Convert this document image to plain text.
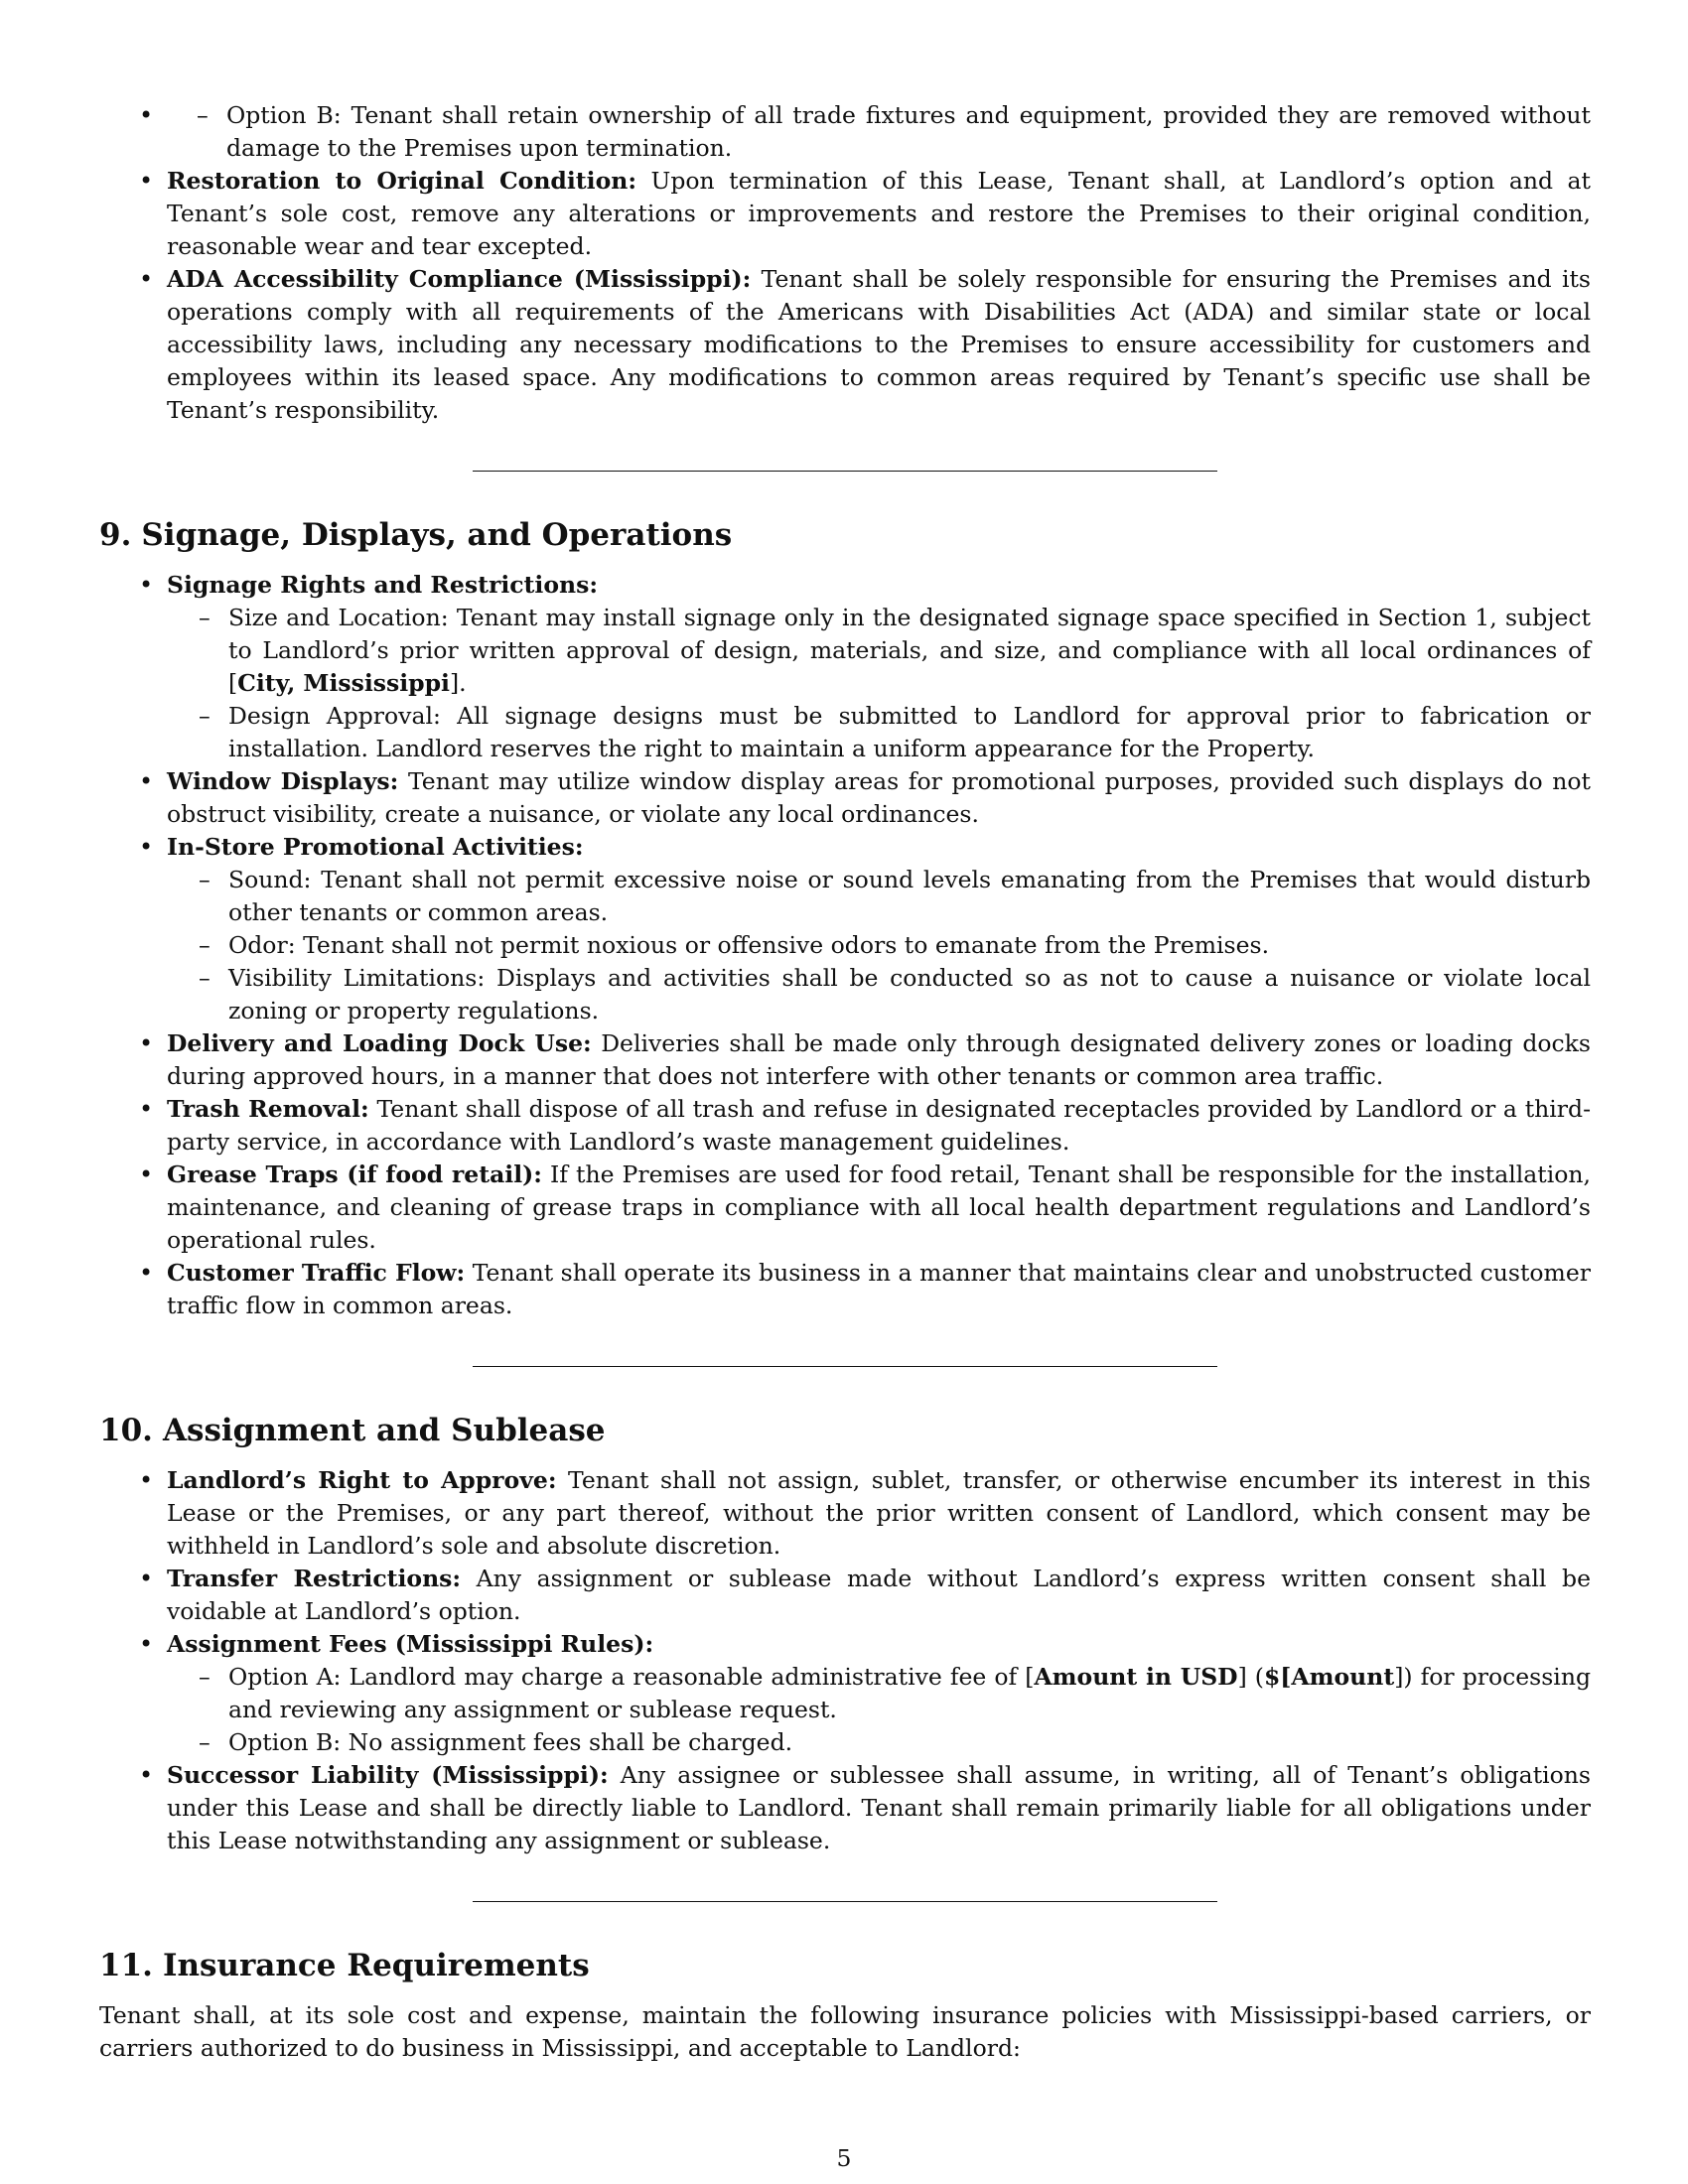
– • Option B: Tenant shall retain ownership of all trade fixtures and equipment, provided they are removed without damage to the Premises upon termination.
• Restoration to Original Condition: Upon termination of this Lease, Tenant shall, at Landlord’s option and at Tenant’s sole cost, remove any alterations or improvements and restore the Premises to their original condition, reasonable wear and tear excepted.
• ADA Accessibility Compliance (Mississippi): Tenant shall be solely responsible for ensuring the Premises and its operations comply with all requirements of the Americans with Disabilities Act (ADA) and similar state or local accessibility laws, including any necessary modifications to the Premises to ensure accessibility for customers and employees within its leased space. Any modifications to common areas required by Tenant’s specific use shall be Tenant’s responsibility.
9. Signage, Displays, and Operations
• Signage Rights and Restrictions:
– Size and Location: Tenant may install signage only in the designated signage space specified in Section 1, subject to Landlord’s prior written approval of design, materials, and size, and compliance with all local ordinances of [City, Mississippi].
– Design Approval: All signage designs must be submitted to Landlord for approval prior to fabrication or installation. Landlord reserves the right to maintain a uniform appearance for the Property.
• Window Displays: Tenant may utilize window display areas for promotional purposes, provided such displays do not obstruct visibility, create a nuisance, or violate any local ordinances.
• In-Store Promotional Activities:
– Sound: Tenant shall not permit excessive noise or sound levels emanating from the Premises that would disturb other tenants or common areas.
– Odor: Tenant shall not permit noxious or offensive odors to emanate from the Premises.
– Visibility Limitations: Displays and activities shall be conducted so as not to cause a nuisance or violate local zoning or property regulations.
• Delivery and Loading Dock Use: Deliveries shall be made only through designated delivery zones or loading docks during approved hours, in a manner that does not interfere with other tenants or common area traffic.
• Trash Removal: Tenant shall dispose of all trash and refuse in designated receptacles provided by Landlord or a third-party service, in accordance with Landlord’s waste management guidelines.
• Grease Traps (if food retail): If the Premises are used for food retail, Tenant shall be responsible for the installation, maintenance, and cleaning of grease traps in compliance with all local health department regulations and Landlord’s operational rules.
• Customer Traffic Flow: Tenant shall operate its business in a manner that maintains clear and unobstructed customer traffic flow in common areas.
10. Assignment and Sublease
• Landlord’s Right to Approve: Tenant shall not assign, sublet, transfer, or otherwise encumber its interest in this Lease or the Premises, or any part thereof, without the prior written consent of Landlord, which consent may be withheld in Landlord’s sole and absolute discretion.
• Transfer Restrictions: Any assignment or sublease made without Landlord’s express written consent shall be voidable at Landlord’s option.
• Assignment Fees (Mississippi Rules):
– Option A: Landlord may charge a reasonable administrative fee of [Amount in USD] ($[Amount]) for processing and reviewing any assignment or sublease request.
– Option B: No assignment fees shall be charged.
• Successor Liability (Mississippi): Any assignee or sublessee shall assume, in writing, all of Tenant’s obligations under this Lease and shall be directly liable to Landlord. Tenant shall remain primarily liable for all obligations under this Lease notwithstanding any assignment or sublease.
11. Insurance Requirements

Tenant shall, at its sole cost and expense, maintain the following insurance policies with Mississippi-based carriers, or carriers authorized to do business in Mississippi, and acceptable to Landlord:

5
